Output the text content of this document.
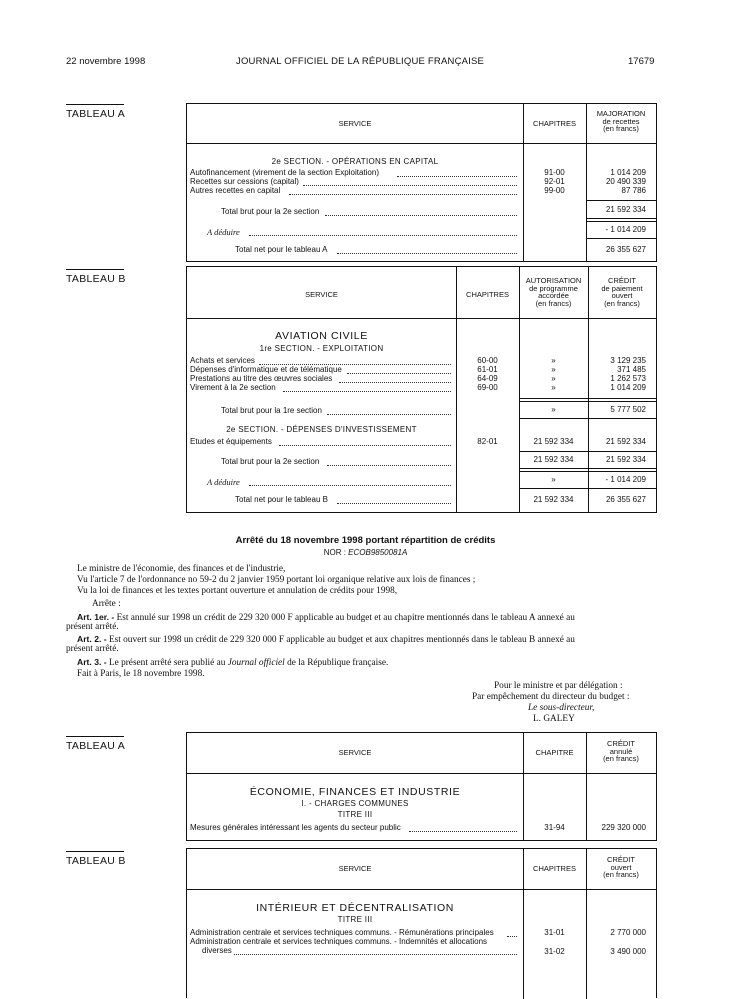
22 novembre 1998	JOURNAL OFFICIEL DE LA RÉPUBLIQUE FRANÇAISE	17679
TABLEAU A
SERVICE	CHAPITRES
MAJORATION
de recettes
(en francs)
2e SECTION. - OPÉRATIONS EN CAPITAL
Autofinancement (virement de la section Exploitation)	91-00	1 014 209
Recettes sur cessions (capital)	92-01	20 490 339
Autres recettes en capital	99-00	87 786
Total brut pour la 2e section	21 592 334
A déduire	- 1 014 209
Total net pour le tableau A	26 355 627
TABLEAU B
SERVICE	CHAPITRES
AUTORISATION
de programme
accordée
(en francs)
CRÉDIT
de paiement
ouvert
(en francs)
AVIATION CIVILE
1re SECTION. - EXPLOITATION
Achats et services	60-00	»	3 129 235
Dépenses d'informatique et de télématique	61-01	»	371 485
Prestations au titre des œuvres sociales	64-09	»	1 262 573
Virement à la 2e section	69-00	»	1 014 209
Total brut pour la 1re section	»	5 777 502
2e SECTION. - DÉPENSES D'INVESTISSEMENT
Etudes et équipements	82-01	21 592 334	21 592 334
Total brut pour la 2e section	21 592 334	21 592 334
A déduire	»	- 1 014 209
Total net pour le tableau B	21 592 334	26 355 627
Arrêté du 18 novembre 1998 portant répartition de crédits
NOR : ECOB9850081A
Le ministre de l'économie, des finances et de l'industrie,
Vu l'article 7 de l'ordonnance no 59-2 du 2 janvier 1959 portant loi organique relative aux lois de finances ;
Vu la loi de finances et les textes portant ouverture et annulation de crédits pour 1998,
Arrête :
Art. 1er. - Est annulé sur 1998 un crédit de 229 320 000 F applicable au budget et au chapitre mentionnés dans le tableau A annexé au
présent arrêté.
Art. 2. - Est ouvert sur 1998 un crédit de 229 320 000 F applicable au budget et aux chapitres mentionnés dans le tableau B annexé au
présent arrêté.
Art. 3. - Le présent arrêté sera publié au Journal officiel de la République française.
Fait à Paris, le 18 novembre 1998.
Pour le ministre et par délégation :
Par empêchement du directeur du budget :
Le sous-directeur,
L. GALEY
TABLEAU A
SERVICE	CHAPITRE
CRÉDIT
annulé
(en francs)
ÉCONOMIE, FINANCES ET INDUSTRIE
I. - CHARGES COMMUNES
TITRE III
Mesures générales intéressant les agents du secteur public	31-94	229 320 000
TABLEAU B
SERVICE	CHAPITRES
CRÉDIT
ouvert
(en francs)
INTÉRIEUR ET DÉCENTRALISATION
TITRE III
Administration centrale et services techniques communs. - Rémunérations principales	31-01	2 770 000
Administration centrale et services techniques communs. - Indemnités et allocations
diverses	31-02	3 490 000
